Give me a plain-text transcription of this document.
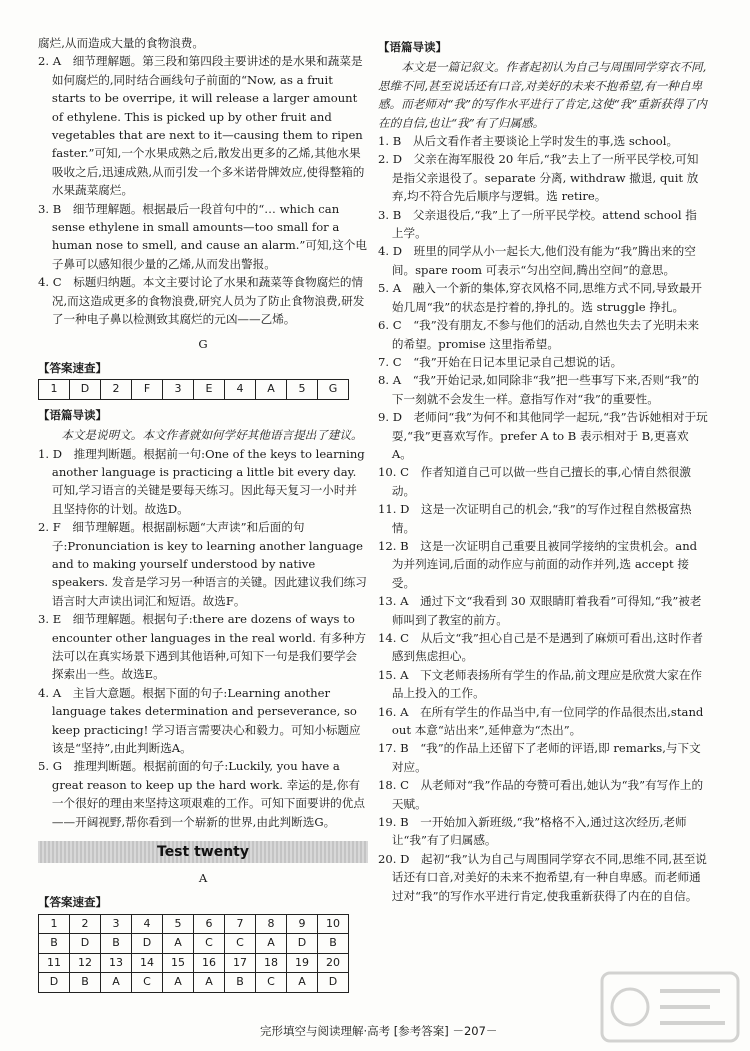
腐烂,从而造成大量的食物浪费。

2. A　细节理解题。第三段和第四段主要讲述的是水果和蔬菜是如何腐烂的,同时结合画线句子前面的“Now, as a fruit starts to be overripe, it will release a larger amount of ethylene. This is picked up by other fruit and vegetables that are next to it—causing them to ripen faster.”可知,一个水果成熟之后,散发出更多的乙烯,其他水果吸收之后,迅速成熟,从而引发一个多米诺骨牌效应,使得整箱的水果蔬菜腐烂。

3. B　细节理解题。根据最后一段首句中的“… which can sense ethylene in small amounts—too small for a human nose to smell, and cause an alarm.”可知,这个电子鼻可以感知很少量的乙烯,从而发出警报。

4. C　标题归纳题。本文主要讨论了水果和蔬菜等食物腐烂的情况,而这造成更多的食物浪费,研究人员为了防止食物浪费,研发了一种电子鼻以检测致其腐烂的元凶——乙烯。

G
【答案速查】
1	D	2	F	3	E	4	A	5	G
【语篇导读】

本文是说明文。本文作者就如何学好其他语言提出了建议。

1. D　推理判断题。根据前一句:One of the keys to learning another language is practicing a little bit every day. 可知,学习语言的关键是要每天练习。因此每天复习一小时并且坚持你的计划。故选D。

2. F　细节理解题。根据副标题“大声读”和后面的句子:Pronunciation is key to learning another language and to making yourself understood by native speakers. 发音是学习另一种语言的关键。因此建议我们练习语言时大声读出词汇和短语。故选F。

3. E　细节理解题。根据句子:there are dozens of ways to encounter other languages in the real world. 有多种方法可以在真实场景下遇到其他语种,可知下一句是我们要学会探索出一些。故选E。

4. A　主旨大意题。根据下面的句子:Learning another language takes determination and perseverance, so keep practicing! 学习语言需要决心和毅力。可知小标题应该是“坚持”,由此判断选A。

5. G　推理判断题。根据前面的句子:Luckily, you have a great reason to keep up the hard work. 幸运的是,你有一个很好的理由来坚持这项艰难的工作。可知下面要讲的优点——开阔视野,帮你看到一个崭新的世界,由此判断选G。

Test twenty
A
【答案速查】
1	2	3	4	5	6	7	8	9	10
B	D	B	D	A	C	C	A	D	B
11	12	13	14	15	16	17	18	19	20
D	B	A	C	A	A	B	C	A	D
【语篇导读】

本文是一篇记叙文。作者起初认为自己与周围同学穿衣不同,思维不同,甚至说话还有口音,对美好的未来不抱希望,有一种自卑感。而老师对“我”的写作水平进行了肯定,这使“我”重新获得了内在的自信,也让“我”有了归属感。

1. B　从后文看作者主要谈论上学时发生的事,选 school。

2. D　父亲在海军服役 20 年后,“我”去上了一所平民学校,可知是指父亲退役了。separate 分离, withdraw 撤退, quit 放弃,均不符合先后顺序与逻辑。选 retire。

3. B　父亲退役后,“我”上了一所平民学校。attend school 指上学。

4. D　班里的同学从小一起长大,他们没有能为“我”腾出来的空间。spare room 可表示“匀出空间,腾出空间”的意思。

5. A　融入一个新的集体,穿衣风格不同,思维方式不同,导致最开始几周“我”的状态是拧着的,挣扎的。选 struggle 挣扎。

6. C　“我”没有朋友,不参与他们的活动,自然也失去了光明未来的希望。promise 这里指希望。

7. C　“我”开始在日记本里记录自己想说的话。

8. A　“我”开始记录,如同除非“我”把一些事写下来,否则“我”的下一刻就不会发生一样。意指写作对“我”的重要性。

9. D　老师问“我”为何不和其他同学一起玩,“我”告诉她相对于玩耍,“我”更喜欢写作。prefer A to B 表示相对于 B,更喜欢 A。

10. C　作者知道自己可以做一些自己擅长的事,心情自然很激动。

11. D　这是一次证明自己的机会,“我”的写作过程自然极富热情。

12. B　这是一次证明自己重要且被同学接纳的宝贵机会。and 为并列连词,后面的动作应与前面的动作并列,选 accept 接受。

13. A　通过下文“我看到 30 双眼睛盯着我看”可得知,“我”被老师叫到了教室的前方。

14. C　从后文“我”担心自己是不是遇到了麻烦可看出,这时作者感到焦虑担心。

15. A　下文老师表扬所有学生的作品,前文理应是欣赏大家在作品上投入的工作。

16. A　在所有学生的作品当中,有一位同学的作品很杰出,stand out 本意“站出来”,延伸意为“杰出”。

17. B　“我”的作品上还留下了老师的评语,即 remarks,与下文对应。

18. C　从老师对“我”作品的夸赞可看出,她认为“我”有写作上的天赋。

19. B　一开始加入新班级,“我”格格不入,通过这次经历,老师让“我”有了归属感。

20. D　起初“我”认为自己与周围同学穿衣不同,思维不同,甚至说话还有口音,对美好的未来不抱希望,有一种自卑感。而老师通过对“我”的写作水平进行肯定,使我重新获得了内在的自信。

完形填空与阅读理解·高考 [参考答案] －207－
